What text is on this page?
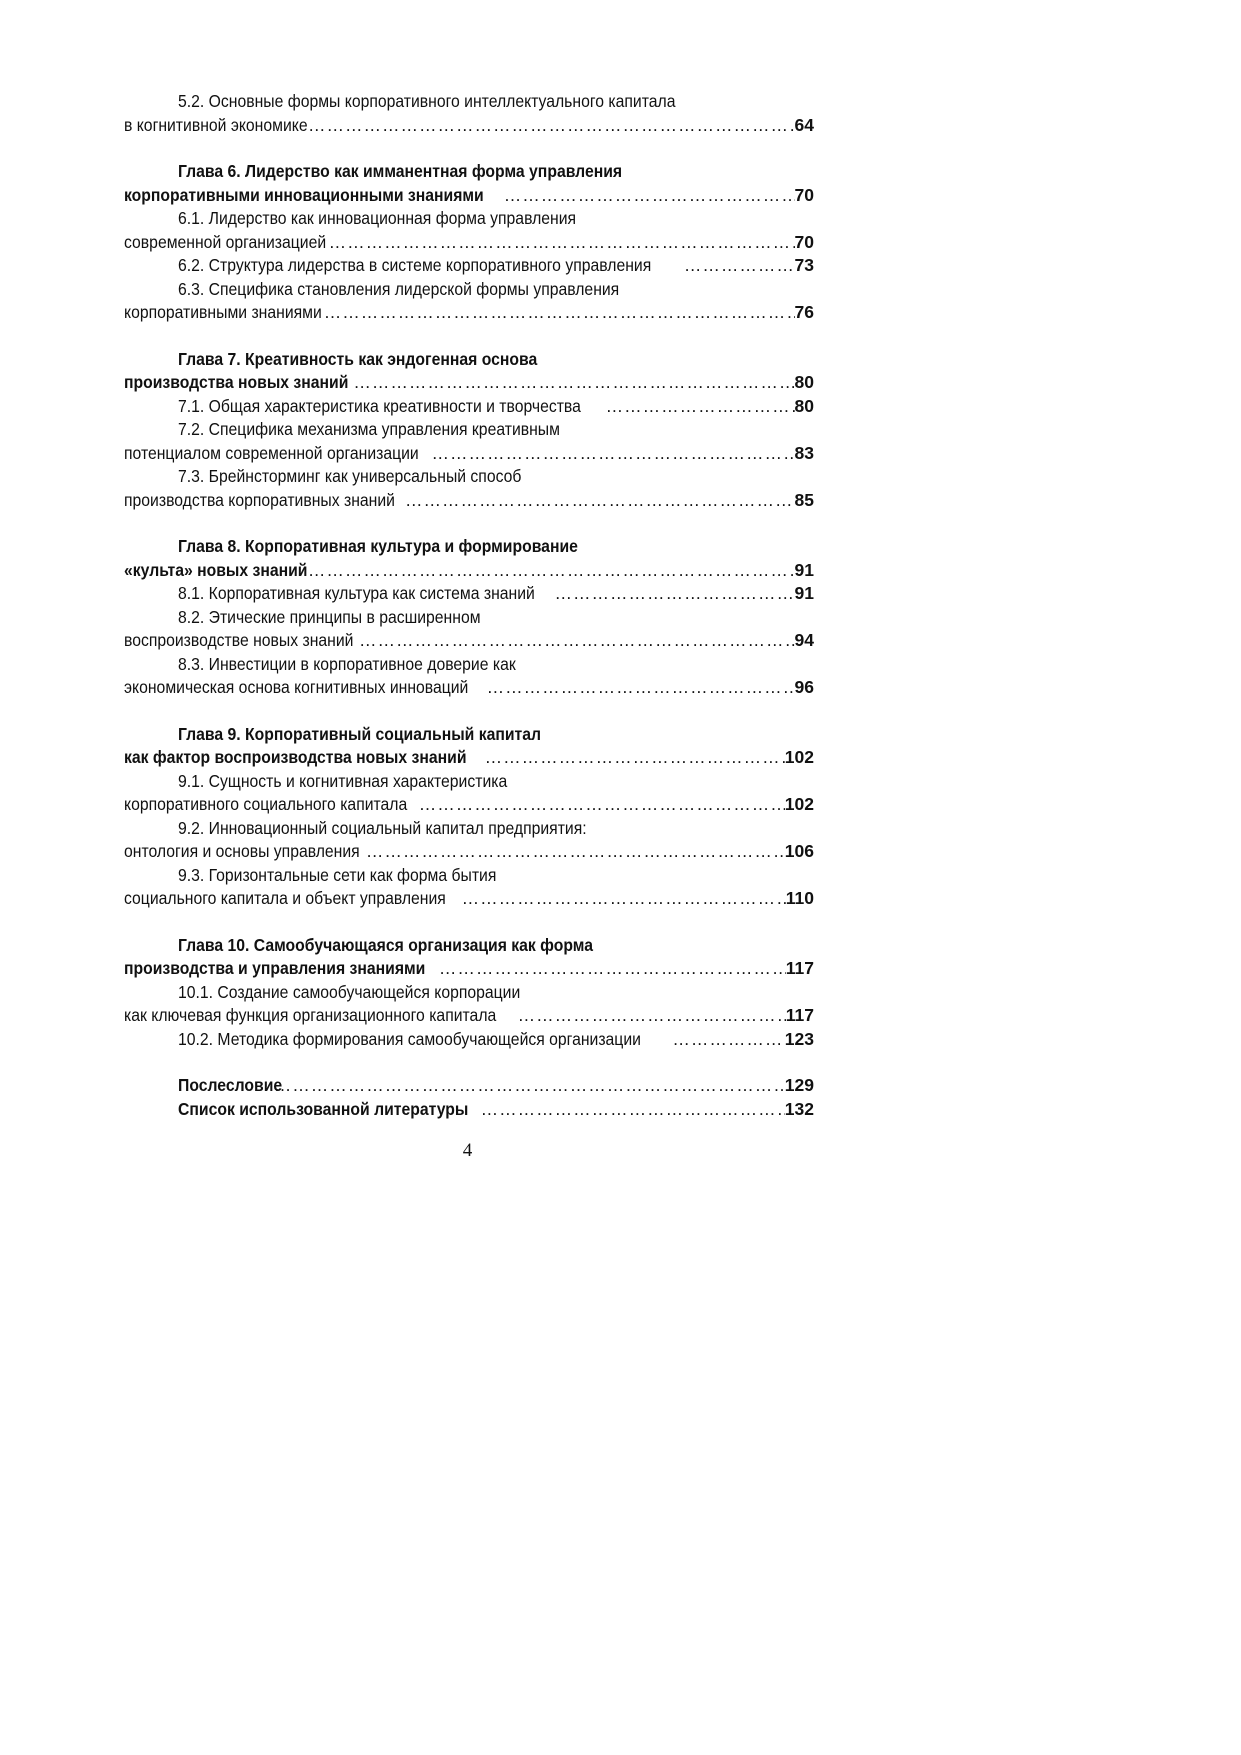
5.2. Основные формы корпоративного интеллектуального капитала
в когнитивной экономике ………………………………………………………………………………………………………………………………………………	64
Глава 6. Лидерство как имманентная форма управления
корпоративными инновационными знаниями ………………………………………………………………………………………………………………………………………………	70
6.1. Лидерство как инновационная форма управления
современной организацией ………………………………………………………………………………………………………………………………………………	70
6.2. Структура лидерства в системе корпоративного управления ………………………………………………………………………………………………………………………………………………	73
6.3. Специфика становления лидерской формы управления
корпоративными знаниями ………………………………………………………………………………………………………………………………………………	76
Глава 7. Креативность как эндогенная основа
производства новых знаний ………………………………………………………………………………………………………………………………………………	80
7.1. Общая характеристика креативности и творчества ………………………………………………………………………………………………………………………………………………	80
7.2. Специфика механизма управления креативным
потенциалом современной организации ………………………………………………………………………………………………………………………………………………	83
7.3. Брейнсторминг как универсальный способ
производства корпоративных знаний ………………………………………………………………………………………………………………………………………………	85
Глава 8. Корпоративная культура и формирование
«культа» новых знаний ………………………………………………………………………………………………………………………………………………	91
8.1. Корпоративная культура как система знаний ………………………………………………………………………………………………………………………………………………	91
8.2. Этические принципы в расширенном
воспроизводстве новых знаний ………………………………………………………………………………………………………………………………………………	94
8.3. Инвестиции в корпоративное доверие как
экономическая основа когнитивных инноваций ………………………………………………………………………………………………………………………………………………	96
Глава 9. Корпоративный социальный капитал
как фактор воспроизводства новых знаний ………………………………………………………………………………………………………………………………………………	102
9.1. Сущность и когнитивная характеристика
корпоративного социального капитала ………………………………………………………………………………………………………………………………………………	102
9.2. Инновационный социальный капитал предприятия:
онтология и основы управления ………………………………………………………………………………………………………………………………………………	106
9.3. Горизонтальные сети как форма бытия
социального капитала и объект управления ………………………………………………………………………………………………………………………………………………	110
Глава 10. Самообучающаяся организация как форма
производства и управления знаниями ………………………………………………………………………………………………………………………………………………	117
10.1. Создание самообучающейся корпорации
как ключевая функция организационного капитала ………………………………………………………………………………………………………………………………………………	117
10.2. Методика формирования самообучающейся организации ………………………………………………………………………………………………………………………………………………	123
Послесловие ………………………………………………………………………………………………………………………………………………	129
Список использованной литературы ………………………………………………………………………………………………………………………………………………	132
4
